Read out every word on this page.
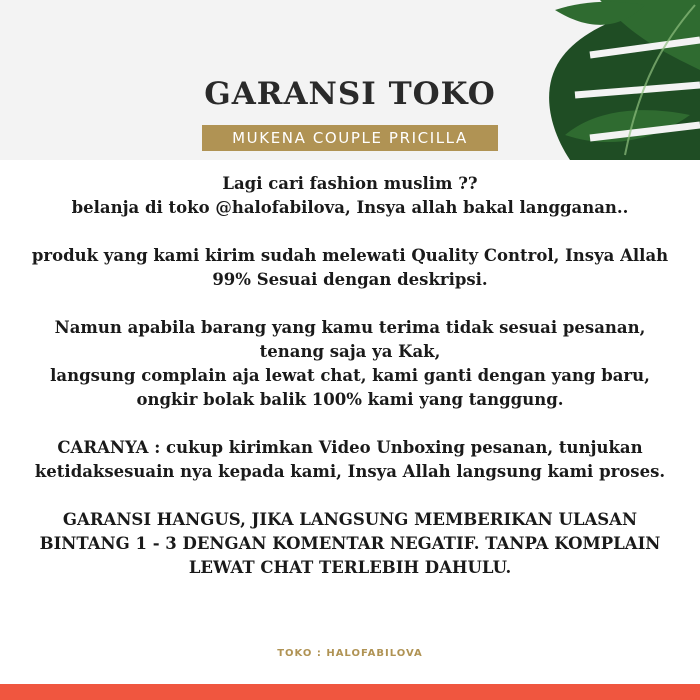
GARANSI TOKO
MUKENA COUPLE PRICILLA

Lagi cari fashion muslim ??
belanja di toko @halofabilova, Insya allah bakal langganan..

produk yang kami kirim sudah melewati Quality Control, Insya Allah 99% Sesuai dengan deskripsi.

Namun apabila barang yang kamu terima tidak sesuai pesanan, tenang saja ya Kak,
langsung complain aja lewat chat, kami ganti dengan yang baru, ongkir bolak balik 100% kami yang tanggung.

CARANYA : cukup kirimkan Video Unboxing pesanan, tunjukan ketidaksesuain nya kepada kami, Insya Allah langsung kami proses.

GARANSI HANGUS, JIKA LANGSUNG MEMBERIKAN ULASAN BINTANG 1 - 3 DENGAN KOMENTAR NEGATIF. TANPA KOMPLAIN LEWAT CHAT TERLEBIH DAHULU.

TOKO : HALOFABILOVA
